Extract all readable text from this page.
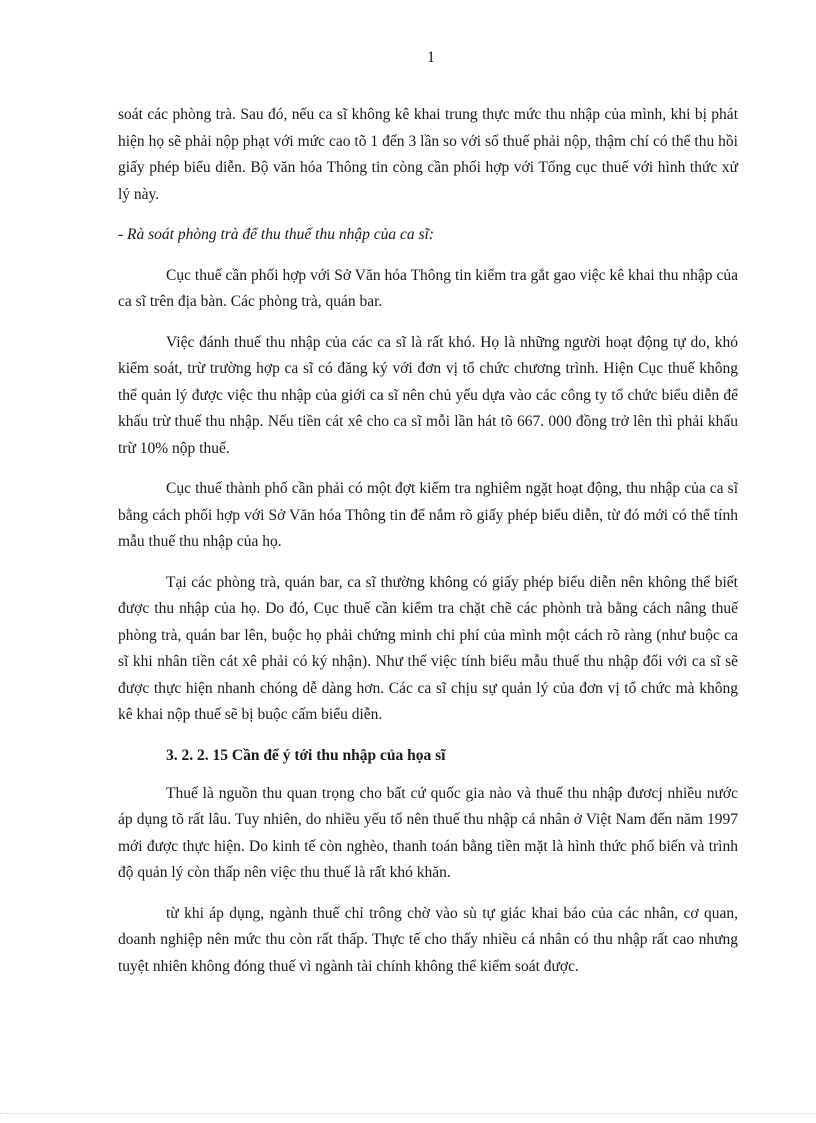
1

soát các phòng trà. Sau đó, nếu ca sĩ không kê khai trung thực mức thu nhập của mình, khi bị phát hiện họ sẽ phải nộp phạt với mức cao tõ 1 đến 3 lần so với số thuế phải nộp, thậm chí có thể thu hồi giấy phép biểu diễn. Bộ văn hóa Thông tin còng cần phối hợp với Tổng cục thuế với hình thức xử lý này.

- Rà soát phòng trà để thu thuế thu nhập của ca sĩ:

Cục thuế cần phối hợp với Sở Văn hóa Thông tin kiểm tra gắt gao việc kê khai thu nhập của ca sĩ trên địa bàn. Các phòng trà, quán bar.

Việc đánh thuế thu nhập của các ca sĩ là rất khó. Họ là những người hoạt động tự do, khó kiểm soát, trừ trường hợp ca sĩ có đăng ký với đơn vị tổ chức chương trình. Hiện Cục thuế không thể quản lý được việc thu nhập của giới ca sĩ nên chủ yếu dựa vào các công ty tổ chức biểu diễn để khấu trừ thuế thu nhập. Nếu tiền cát xê cho ca sĩ mỗi lần hát tõ 667. 000 đồng trở lên thì phải khấu trừ 10% nộp thuế.

Cục thuế thành phố cần phải có một đợt kiểm tra nghiêm ngặt hoạt động, thu nhập của ca sĩ bằng cách phối hợp với Sở Văn hóa Thông tin để nắm rõ giấy phép biểu diễn, từ đó mới có thể tính mẫu thuế thu nhập của họ.

Tại các phòng trà, quán bar, ca sĩ thường không có giấy phép biểu diễn nên không thể biết được thu nhập của họ. Do đó, Cục thuế cần kiểm tra chặt chẽ các phònh trà bằng cách nâng thuế phòng trà, quán bar lên, buộc họ phải chứng minh chi phí của mình một cách rõ ràng (như buộc ca sĩ khi nhân tiền cát xê phải có ký nhận). Như thế việc tính biểu mẫu thuế thu nhập đối với ca sĩ sẽ được thực hiện nhanh chóng dễ dàng hơn. Các ca sĩ chịu sự quản lý của đơn vị tổ chức mà không kê khai nộp thuế sẽ bị buộc cấm biểu diễn.

3. 2. 2. 15 Cần để ý tới thu nhập của họa sĩ

Thuế là nguồn thu quan trọng cho bất cứ quốc gia nào và thuế thu nhập đươcj nhiều nước áp dụng tõ rất lâu. Tuy nhiên, do nhiều yếu tố nên thuế thu nhập cá nhân ở Việt Nam đến năm 1997 mới được thực hiện. Do kinh tế còn nghèo, thanh toán bằng tiền mặt là hình thức phổ biến và trình độ quản lý còn thấp nên việc thu thuế là rất khó khăn.

từ khi áp dụng, ngành thuế chỉ trông chờ vào sù tự giác khai báo của các nhân, cơ quan, doanh nghiệp nên mức thu còn rất thấp. Thực tế cho thấy nhiều cá nhân có thu nhập rất cao nhưng tuyệt nhiên không đóng thuế vì ngành tài chính không thể kiểm soát được.
